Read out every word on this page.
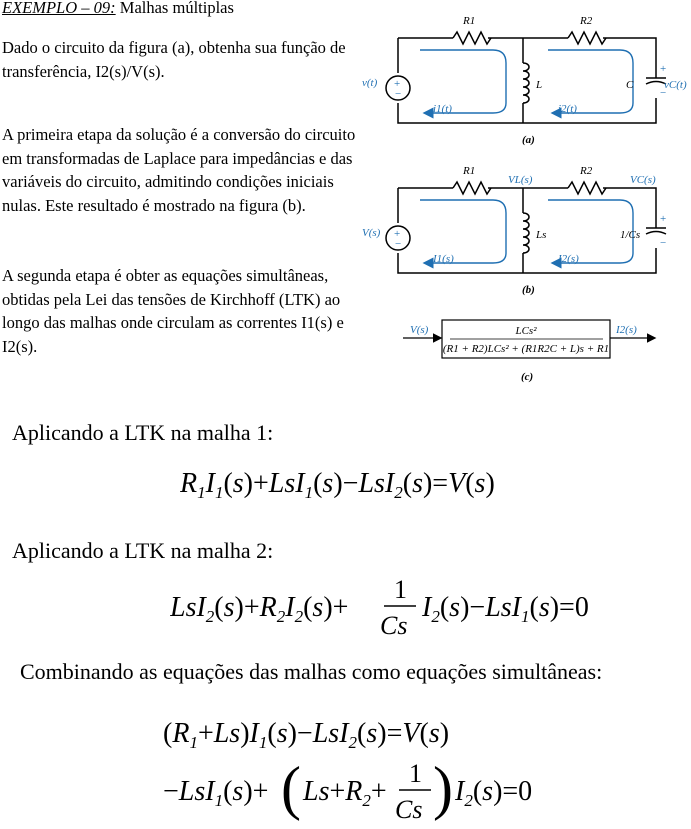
EXEMPLO – 09: Malhas múltiplas
Dado o circuito da figura (a), obtenha sua função de transferência, I2(s)/V(s).
A primeira etapa da solução é a conversão do circuito em transformadas de Laplace para impedâncias e das variáveis do circuito, admitindo condições iniciais nulas. Este resultado é mostrado na figura (b).
A segunda etapa é obter as equações simultâneas, obtidas pela Lei das tensões de Kirchhoff (LTK) ao longo das malhas onde circulam as correntes I1(s) e I2(s).
+
−
R1	R2
L	C
v(t)
i1(t)	i2(t)
+
−
vC(t)
(a)
+
−
R1	R2
VL(s)	VC(s)
Ls	1/Cs
V(s)
I1(s)	I2(s)
+
−
(b)
V(s)	I2(s)
LCs²
(R1 + R2)LCs² + (R1R2C + L)s + R1
(c)
Aplicando a LTK na malha 1:
Aplicando a LTK na malha 2:
Combinando as equações das malhas como equações simultâneas:
$R_1I_1(s)+LsI_1(s)-LsI_2(s)=V(s)$
$LsI_2(s)+R_2I_2(s)+$
1
Cs
$I_2(s)-LsI_1(s)=0$
$(R_1+Ls)I_1(s)-LsI_2(s)=V(s)$
−LsI$_1$(s)+ ( $Ls+R_2+$
1
Cs ) $I_2(s)=0$
